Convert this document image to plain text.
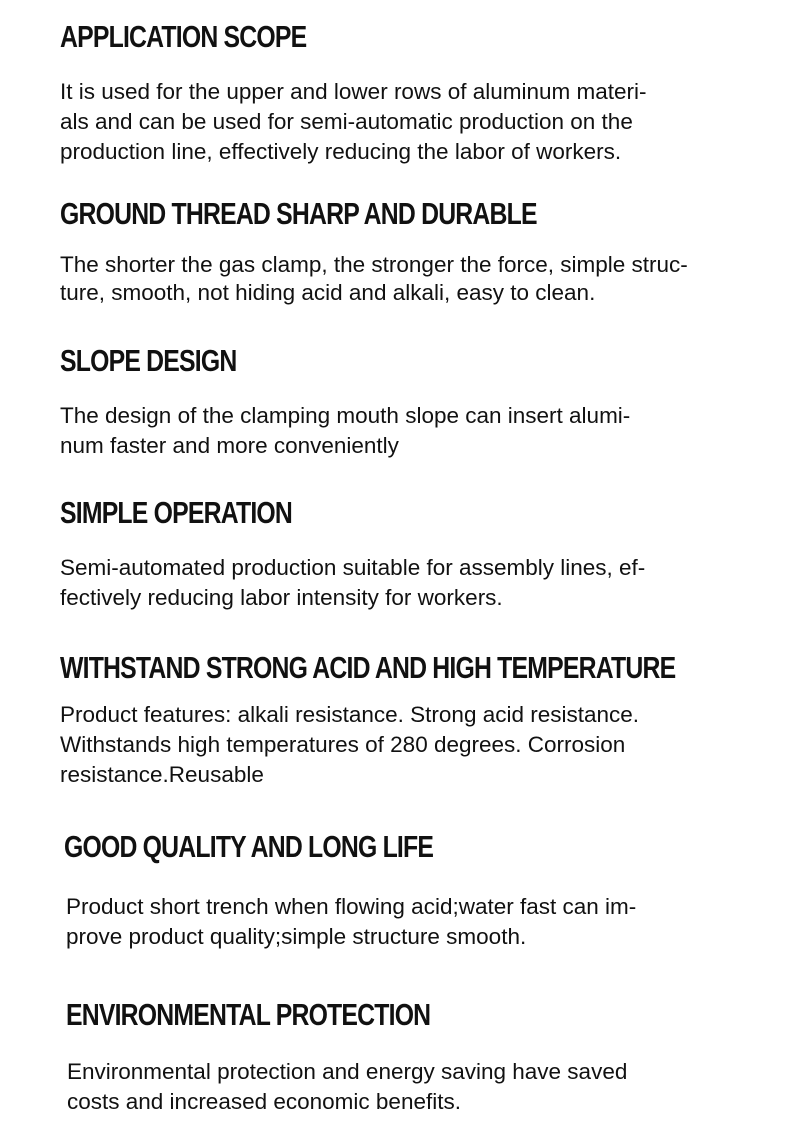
APPLICATION SCOPE

It is used for the upper and lower rows of aluminum materi-
als and can be used for semi-automatic production on the
production line, effectively reducing the labor of workers.

GROUND THREAD SHARP AND DURABLE

The shorter the gas clamp, the stronger the force, simple struc-
ture, smooth, not hiding acid and alkali, easy to clean.

SLOPE DESIGN

The design of the clamping mouth slope can insert alumi-
num faster and more conveniently

SIMPLE OPERATION

Semi-automated production suitable for assembly lines, ef-
fectively reducing labor intensity for workers.

WITHSTAND STRONG ACID AND HIGH TEMPERATURE

Product features: alkali resistance. Strong acid resistance.
Withstands high temperatures of 280 degrees. Corrosion
resistance.Reusable

GOOD QUALITY AND LONG LIFE

Product short trench when flowing acid;water fast can im-
prove product quality;simple structure smooth.

ENVIRONMENTAL PROTECTION

Environmental protection and energy saving have saved
costs and increased economic benefits.
